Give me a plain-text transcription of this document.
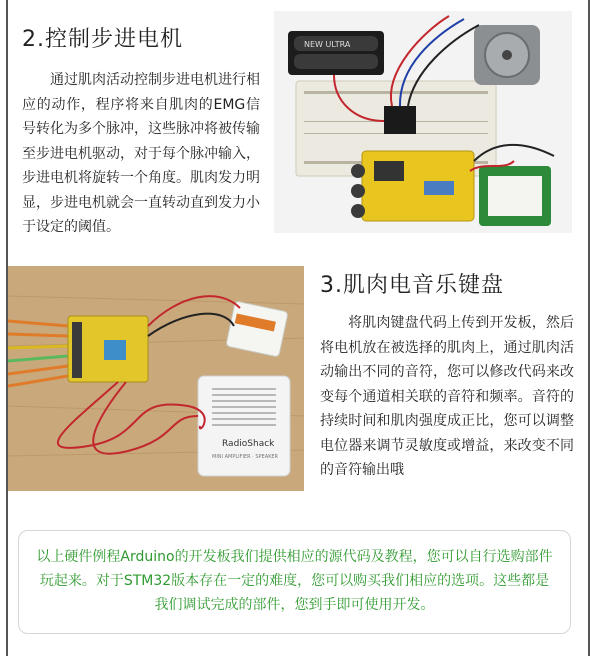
2.控制步进电机
通过肌肉活动控制步进电机进行相应的动作，程序将来自肌肉的EMG信号转化为多个脉冲，这些脉冲将被传输至步进电机驱动，对于每个脉冲输入，步进电机将旋转一个角度。肌肉发力明显，步进电机就会一直转动直到发力小于设定的阈值。
NEW ULTRA
RadioShack
MINI AMPLIFIER · SPEAKER
3.肌肉电音乐键盘
将肌肉键盘代码上传到开发板，然后将电机放在被选择的肌肉上，通过肌肉活动输出不同的音符，您可以修改代码来改变每个通道相关联的音符和频率。音符的持续时间和肌肉强度成正比，您可以调整电位器来调节灵敏度或增益，来改变不同的音符输出哦
以上硬件例程Arduino的开发板我们提供相应的源代码及教程，您可以自行选购部件玩起来。对于STM32版本存在一定的难度，您可以购买我们相应的选项。这些都是我们调试完成的部件，您到手即可使用开发。
